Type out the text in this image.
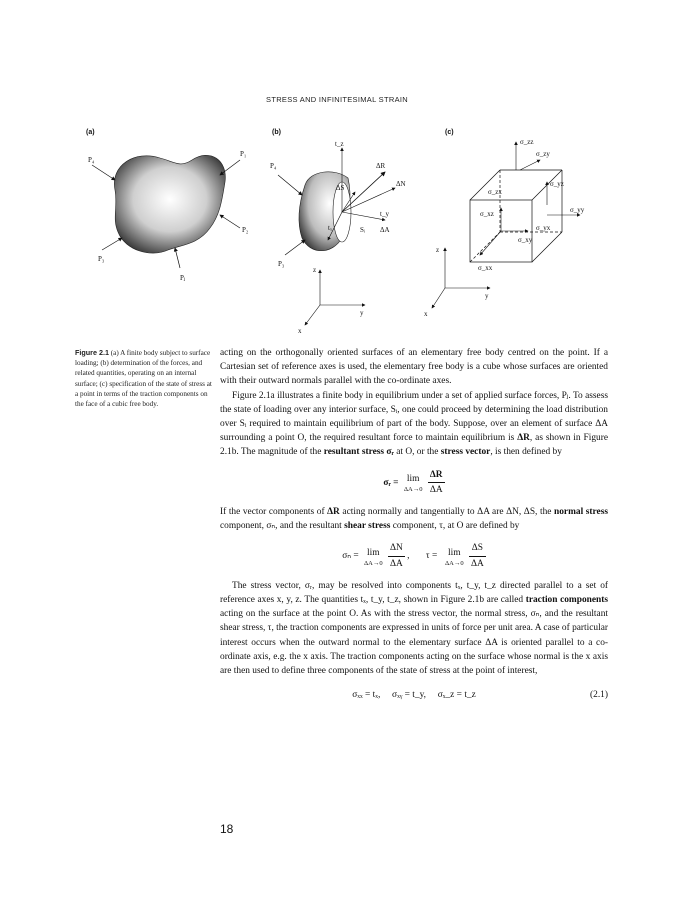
STRESS AND INFINITESIMAL STRAIN
(a)
P₄
P₁
P₂
P₃
Pⱼ
(b)
P₄
P₃
t_z
ΔR
ΔN
ΔS
t_y
tₓ	Sᵢ ΔA
z
y
x
(c)
σ_zz
σ_zy
σ_yz
σ_zx
σ_xz	σ_yy
σ_xy
σ_yx
σ_xx
z
y
x
Figure 2.1 (a) A finite body subject to surface loading; (b) determination of the forces, and related quantities, operating on an internal surface; (c) specification of the state of stress at a point in terms of the traction components on the face of a cubic free body.

acting on the orthogonally oriented surfaces of an elementary free body centred on the point. If a Cartesian set of reference axes is used, the elementary free body is a cube whose surfaces are oriented with their outward normals parallel with the co-ordinate axes.

Figure 2.1a illustrates a finite body in equilibrium under a set of applied surface forces, Pⱼ. To assess the state of loading over any interior surface, Sᵢ, one could proceed by determining the load distribution over Sᵢ required to maintain equilibrium of part of the body. Suppose, over an element of surface ΔA surrounding a point O, the required resultant force to maintain equilibrium is ΔR, as shown in Figure 2.1b. The magnitude of the resultant stress σᵣ at O, or the stress vector, is then defined by

σᵣ = lim
ΔA→0
$\frac{\Delta R}{\Delta A}$

If the vector components of ΔR acting normally and tangentially to ΔA are ΔN, ΔS, the normal stress component, σₙ, and the resultant shear stress component, τ, at O are defined by

σₙ = lim
ΔA→0
$\frac{\Delta N}{\Delta A}$ ,       τ = lim
ΔA→0
$\frac{\Delta S}{\Delta A}$

The stress vector, σᵣ, may be resolved into components tₓ, t_y, t_z directed parallel to a set of reference axes x, y, z. The quantities tₓ, t_y, t_z, shown in Figure 2.1b are called traction components acting on the surface at the point O. As with the stress vector, the normal stress, σₙ, and the resultant shear stress, τ, the traction components are expressed in units of force per unit area. A case of particular interest occurs when the outward normal to the elementary surface ΔA is oriented parallel to a co-ordinate axis, e.g. the x axis. The traction components acting on the surface whose normal is the x axis are then used to define three components of the state of stress at the point of interest,

σₓₓ = tₓ,     σₓᵧ = t_y,     σₓ_z = t_z	(2.1)
18
